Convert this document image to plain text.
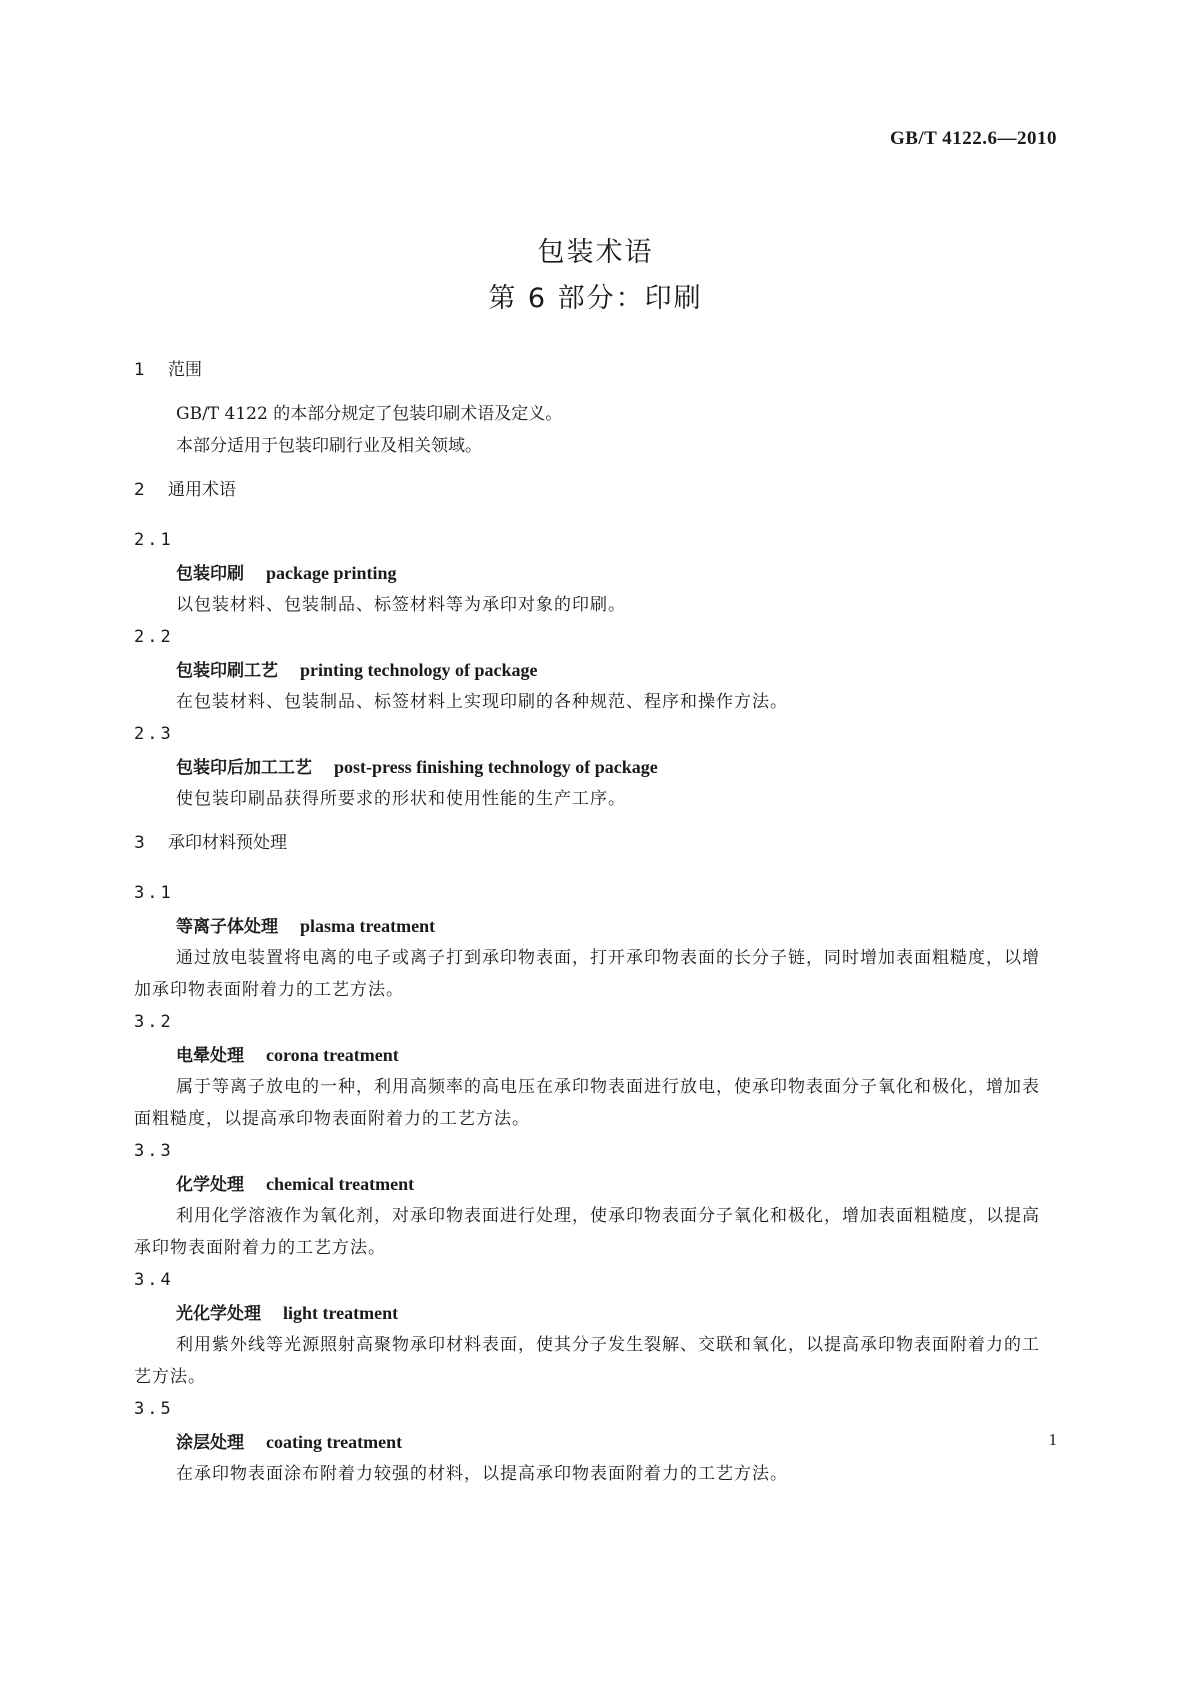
GB/T 4122.6—2010
包装术语
第 6 部分：印刷
1 范围
GB/T 4122 的本部分规定了包装印刷术语及定义。
本部分适用于包装印刷行业及相关领域。
2 通用术语
2.1
包装印刷 package printing
以包装材料、包装制品、标签材料等为承印对象的印刷。
2.2
包装印刷工艺 printing technology of package
在包装材料、包装制品、标签材料上实现印刷的各种规范、程序和操作方法。
2.3
包装印后加工工艺 post-press finishing technology of package
使包装印刷品获得所要求的形状和使用性能的生产工序。
3 承印材料预处理
3.1
等离子体处理 plasma treatment
通过放电装置将电离的电子或离子打到承印物表面，打开承印物表面的长分子链，同时增加表面粗糙度，以增加承印物表面附着力的工艺方法。
3.2
电晕处理 corona treatment
属于等离子放电的一种，利用高频率的高电压在承印物表面进行放电，使承印物表面分子氧化和极化，增加表面粗糙度，以提高承印物表面附着力的工艺方法。
3.3
化学处理 chemical treatment
利用化学溶液作为氧化剂，对承印物表面进行处理，使承印物表面分子氧化和极化，增加表面粗糙度，以提高承印物表面附着力的工艺方法。
3.4
光化学处理 light treatment
利用紫外线等光源照射高聚物承印材料表面，使其分子发生裂解、交联和氧化，以提高承印物表面附着力的工艺方法。
3.5
涂层处理 coating treatment
在承印物表面涂布附着力较强的材料，以提高承印物表面附着力的工艺方法。
1
